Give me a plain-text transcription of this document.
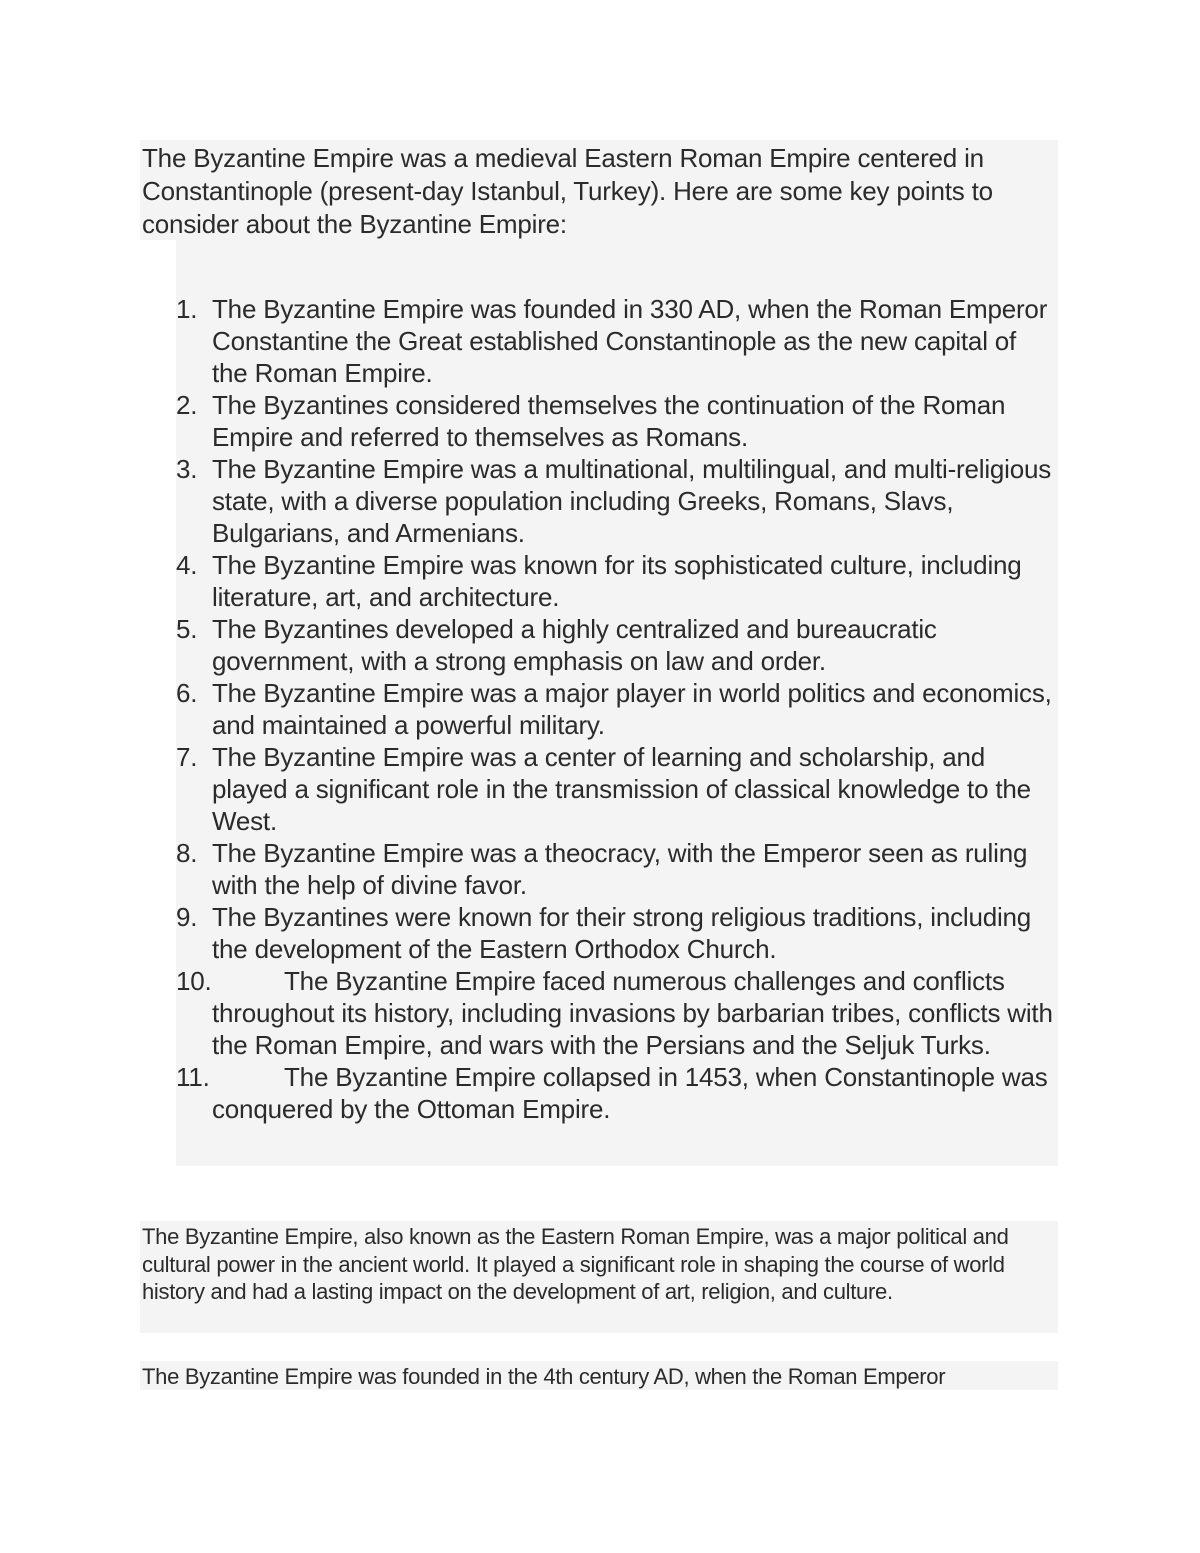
The Byzantine Empire was a medieval Eastern Roman Empire centered in Constantinople (present-day Istanbul, Turkey). Here are some key points to consider about the Byzantine Empire:

1. The Byzantine Empire was founded in 330 AD, when the Roman Emperor Constantine the Great established Constantinople as the new capital of the Roman Empire.
2. The Byzantines considered themselves the continuation of the Roman Empire and referred to themselves as Romans.
3. The Byzantine Empire was a multinational, multilingual, and multi-religious state, with a diverse population including Greeks, Romans, Slavs, Bulgarians, and Armenians.
4. The Byzantine Empire was known for its sophisticated culture, including literature, art, and architecture.
5. The Byzantines developed a highly centralized and bureaucratic government, with a strong emphasis on law and order.
6. The Byzantine Empire was a major player in world politics and economics, and maintained a powerful military.
7. The Byzantine Empire was a center of learning and scholarship, and played a significant role in the transmission of classical knowledge to the West.
8. The Byzantine Empire was a theocracy, with the Emperor seen as ruling with the help of divine favor.
9. The Byzantines were known for their strong religious traditions, including the development of the Eastern Orthodox Church.
10.	The Byzantine Empire faced numerous challenges and conflicts throughout its history, including invasions by barbarian tribes, conflicts with the Roman Empire, and wars with the Persians and the Seljuk Turks.
11.	The Byzantine Empire collapsed in 1453, when Constantinople was conquered by the Ottoman Empire.

The Byzantine Empire, also known as the Eastern Roman Empire, was a major political and cultural power in the ancient world. It played a significant role in shaping the course of world history and had a lasting impact on the development of art, religion, and culture.

The Byzantine Empire was founded in the 4th century AD, when the Roman Emperor
